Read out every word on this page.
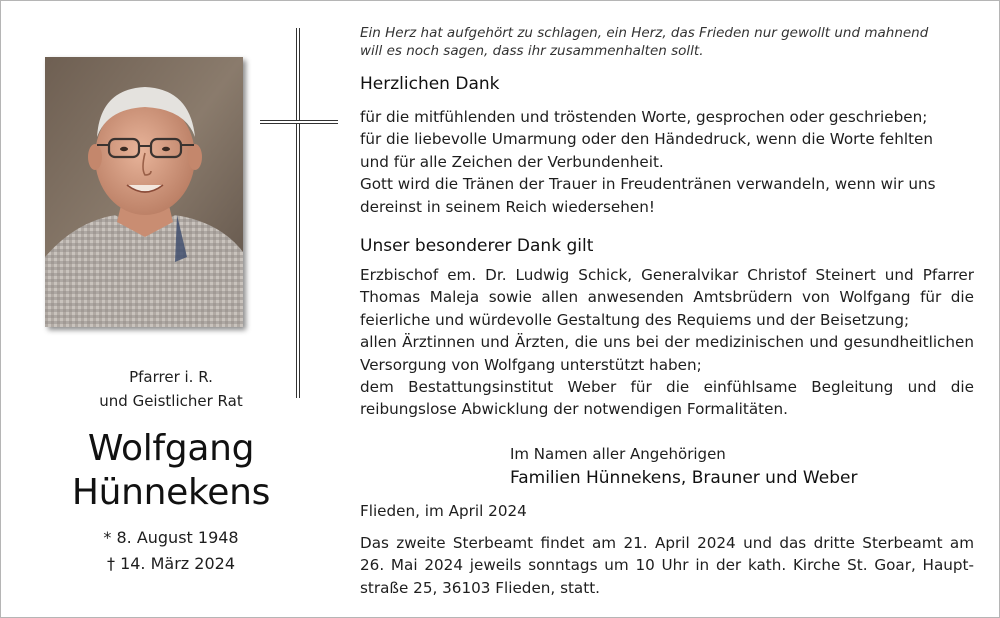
Pfarrer i. R.
und Geistlicher Rat
Wolfgang
Hünnekens
* 8. August 1948
† 14. März 2024
Ein Herz hat aufgehört zu schlagen, ein Herz, das Frieden nur gewollt und mahnend
will es noch sagen, dass ihr zusammenhalten sollt.
Herzlichen Dank
für die mitfühlenden und tröstenden Worte, gesprochen oder geschrieben;
für die liebevolle Umarmung oder den Händedruck, wenn die Worte fehlten
und für alle Zeichen der Verbundenheit.
Gott wird die Tränen der Trauer in Freudentränen verwandeln, wenn wir uns
dereinst in seinem Reich wiedersehen!
Unser besonderer Dank gilt
Erzbischof em. Dr. Ludwig Schick, Generalvikar Christof Steinert und Pfarrer
Thomas Maleja sowie allen anwesenden Amtsbrüdern von Wolfgang für die
feierliche und würdevolle Gestaltung des Requiems und der Beisetzung;
allen Ärztinnen und Ärzten, die uns bei der medizinischen und gesundheitlichen
Versorgung von Wolfgang unterstützt haben;
dem Bestattungsinstitut Weber für die einfühlsame Begleitung und die
reibungslose Abwicklung der notwendigen Formalitäten.
Im Namen aller Angehörigen
Familien Hünnekens, Brauner und Weber
Flieden, im April 2024
Das zweite Sterbeamt findet am 21. April 2024 und das dritte Sterbeamt am
26. Mai 2024 jeweils sonntags um 10 Uhr in der kath. Kirche St. Goar, Haupt-
straße 25, 36103 Flieden, statt.
